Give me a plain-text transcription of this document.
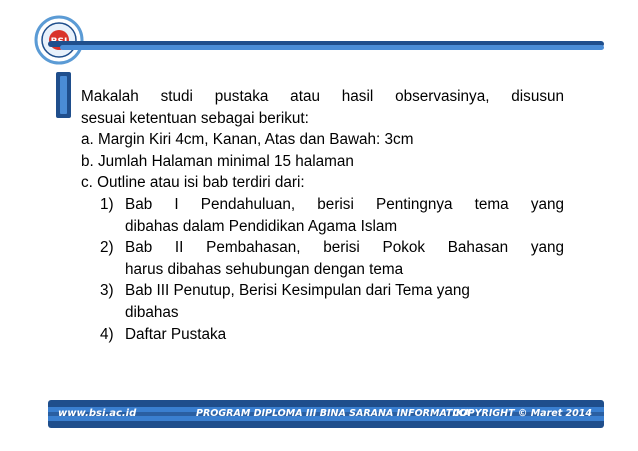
Makalah studi pustaka atau hasil observasinya, disusun
sesuai ketentuan sebagai berikut:
a. Margin Kiri 4cm, Kanan, Atas dan Bawah: 3cm
b. Jumlah Halaman minimal 15 halaman
c. Outline atau isi bab terdiri dari:
1) Bab I Pendahuluan, berisi Pentingnya tema yang
dibahas dalam Pendidikan Agama Islam
2) Bab II Pembahasan, berisi Pokok Bahasan yang
harus dibahas sehubungan dengan tema
3) Bab III Penutup, Berisi Kesimpulan dari Tema yang
dibahas
4) Daftar Pustaka
www.bsi.ac.id	PROGRAM DIPLOMA III BINA SARANA INFORMATIKA
COPYRIGHT © Maret 2014
